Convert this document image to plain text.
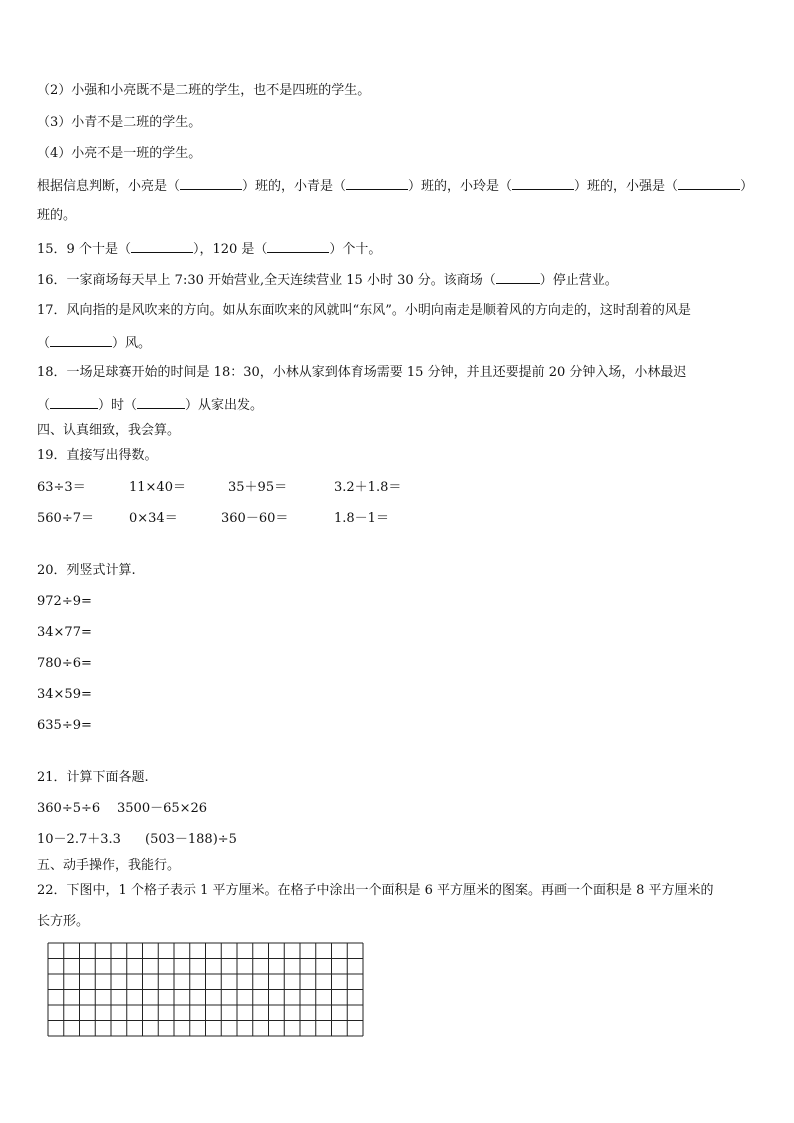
（2）小强和小亮既不是二班的学生，也不是四班的学生。
（3）小青不是二班的学生。
（4）小亮不是一班的学生。
根据信息判断，小亮是（	）班的，小青是（	）班的，小玲是（	）班的，小强是（	）
班的。
15．9 个十是（	），120 是（	）个十。
16．一家商场每天早上 7:30 开始营业,全天连续营业 15 小时 30 分。该商场（	）停止营业。
17．风向指的是风吹来的方向。如从东面吹来的风就叫“东风”。小明向南走是顺着风的方向走的，这时刮着的风是
（	）风。
18．一场足球赛开始的时间是 18：30，小林从家到体育场需要 15 分钟，并且还要提前 20 分钟入场，小林最迟
（	）时（	）从家出发。
四、认真细致，我会算。
19．直接写出得数。
63÷3＝	11×40＝	35＋95＝	3.2＋1.8＝
560÷7＝	0×34＝	360－60＝	1.8－1＝
20．列竖式计算.
972÷9=
34×77=
780÷6=
34×59=
635÷9=
21．计算下面各题.
360÷5÷6 3500－65×26
10－2.7＋3.3 (503－188)÷5
五、动手操作，我能行。
22．下图中，1 个格子表示 1 平方厘米。在格子中涂出一个面积是 6 平方厘米的图案。再画一个面积是 8 平方厘米的
长方形。
